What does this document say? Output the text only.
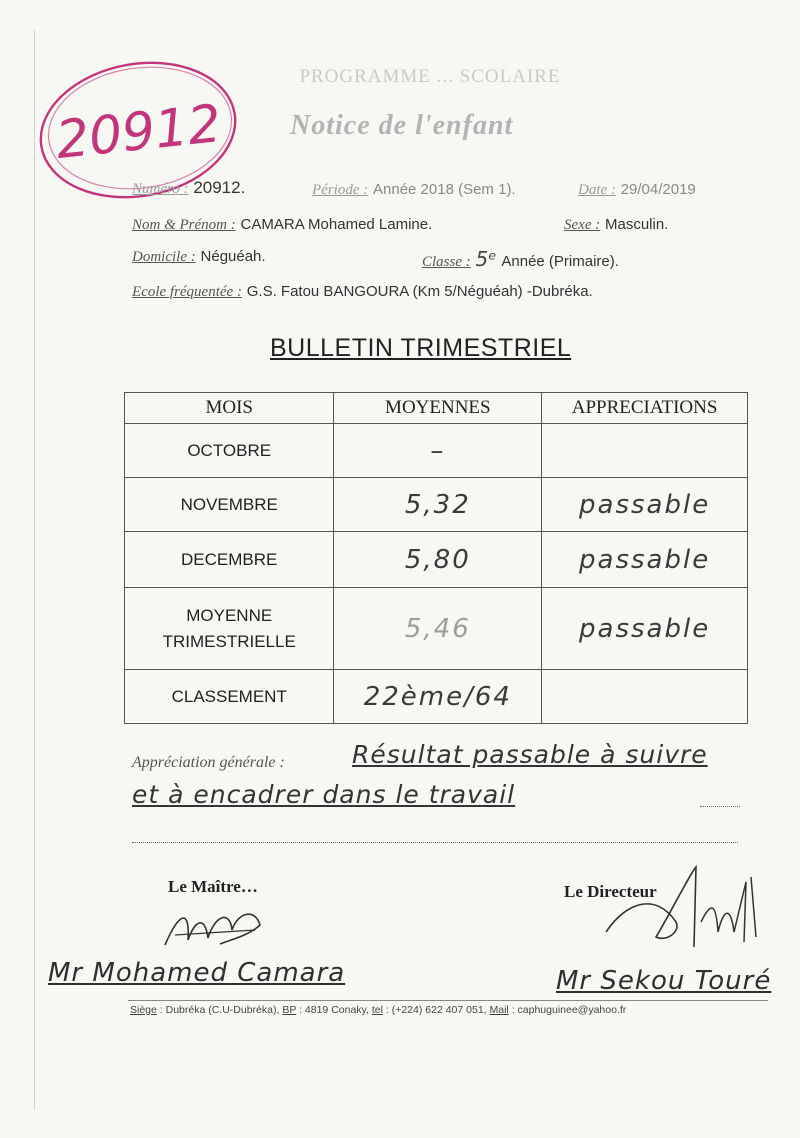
PROGRAMME ... SCOLAIRE
Notice de l'enfant
20912
Numéro : 20912.	Période : Année 2018 (Sem 1).	Date : 29/04/2019
Nom & Prénom : CAMARA Mohamed Lamine.	Sexe : Masculin.
Domicile : Néguéah.	Classe : 5ᵉ Année (Primaire).
Ecole fréquentée : G.S. Fatou BANGOURA (Km 5/Néguéah) -Dubréka.
BULLETIN TRIMESTRIEL
MOIS	MOYENNES	APPRECIATIONS
OCTOBRE	–	
NOVEMBRE	5,32	passable
DECEMBRE	5,80	passable

MOYENNE
TRIMESTRIELLE	5,46	passable
CLASSEMENT	22ème/64	
Appréciation générale :	Résultat passable à suivre
et à encadrer dans le travail
Le Maître…	Le Directeur
Mr Mohamed Camara	Mr Sekou Touré
Siège : Dubréka (C.U-Dubréka), BP : 4819 Conaky, tel : (+224) 622 407 051, Mail : caphuguinee@yahoo.fr
